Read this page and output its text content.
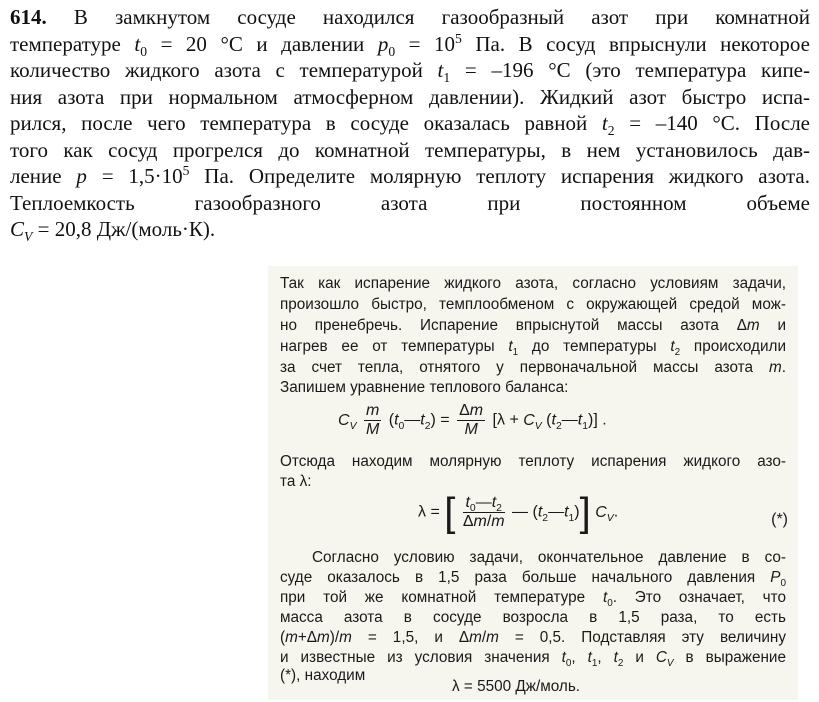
614. В замкнутом сосуде находился газообразный азот при комнатной
температуре $t_0 = 20$ °C и давлении $p_0 = 10^5$ Па. В сосуд впрыснули некоторое
количество жидкого азота с температурой $t_1 = -196$ °C (это температура кипе-
ния азота при нормальном атмосферном давлении). Жидкий азот быстро испа-
рился, после чего температура в сосуде оказалась равной $t_2 = -140$ °C. После
того как сосуд прогрелся до комнатной температуры, в нем установилось дав-
ление $p = 1,5\cdot 10^5$ Па. Определите молярную теплоту испарения жидкого азота.
Теплоемкость газообразного азота при постоянном объеме
$C_V = 20,8$ Дж/(моль·К).
Так как испарение жидкого азота, согласно условиям задачи,
произошло быстро, темплообменом с окружающей средой мож-
но пренебречь. Испарение впрыснутой массы азота Δm и
нагрев ее от температуры $t_1$ до температуры $t_2$ происходили
за счет тепла, отнятого у первоначальной массы азота m.
Запишем уравнение теплового баланса:
$C_V \frac{m}{M}$ $(t_0—t_2) = \frac{\Delta m}{M} [\lambda + C_V$ $(t_2—t_1)$] .
Отсюда находим молярную теплоту испарения жидкого азо-
та λ:
λ = [ $\frac{t_0—t_2}{\Delta m/m}$ — $(t_2—t_1)$] $C_V$.	(*)
Согласно условию задачи, окончательное давление в со-
суде оказалось в 1,5 раза больше начального давления $P_0$
при той же комнатной температуре $t_0$. Это означает, что
масса азота в сосуде возросла в 1,5 раза, то есть
(m+Δm)/m = 1,5, и Δm/m = 0,5. Подставляя эту величину
и известные из условия значения $t_0$, $t_1$, $t_2$ и $C_V$ в выражение
(*), находим
λ = 5500 Дж/моль.
